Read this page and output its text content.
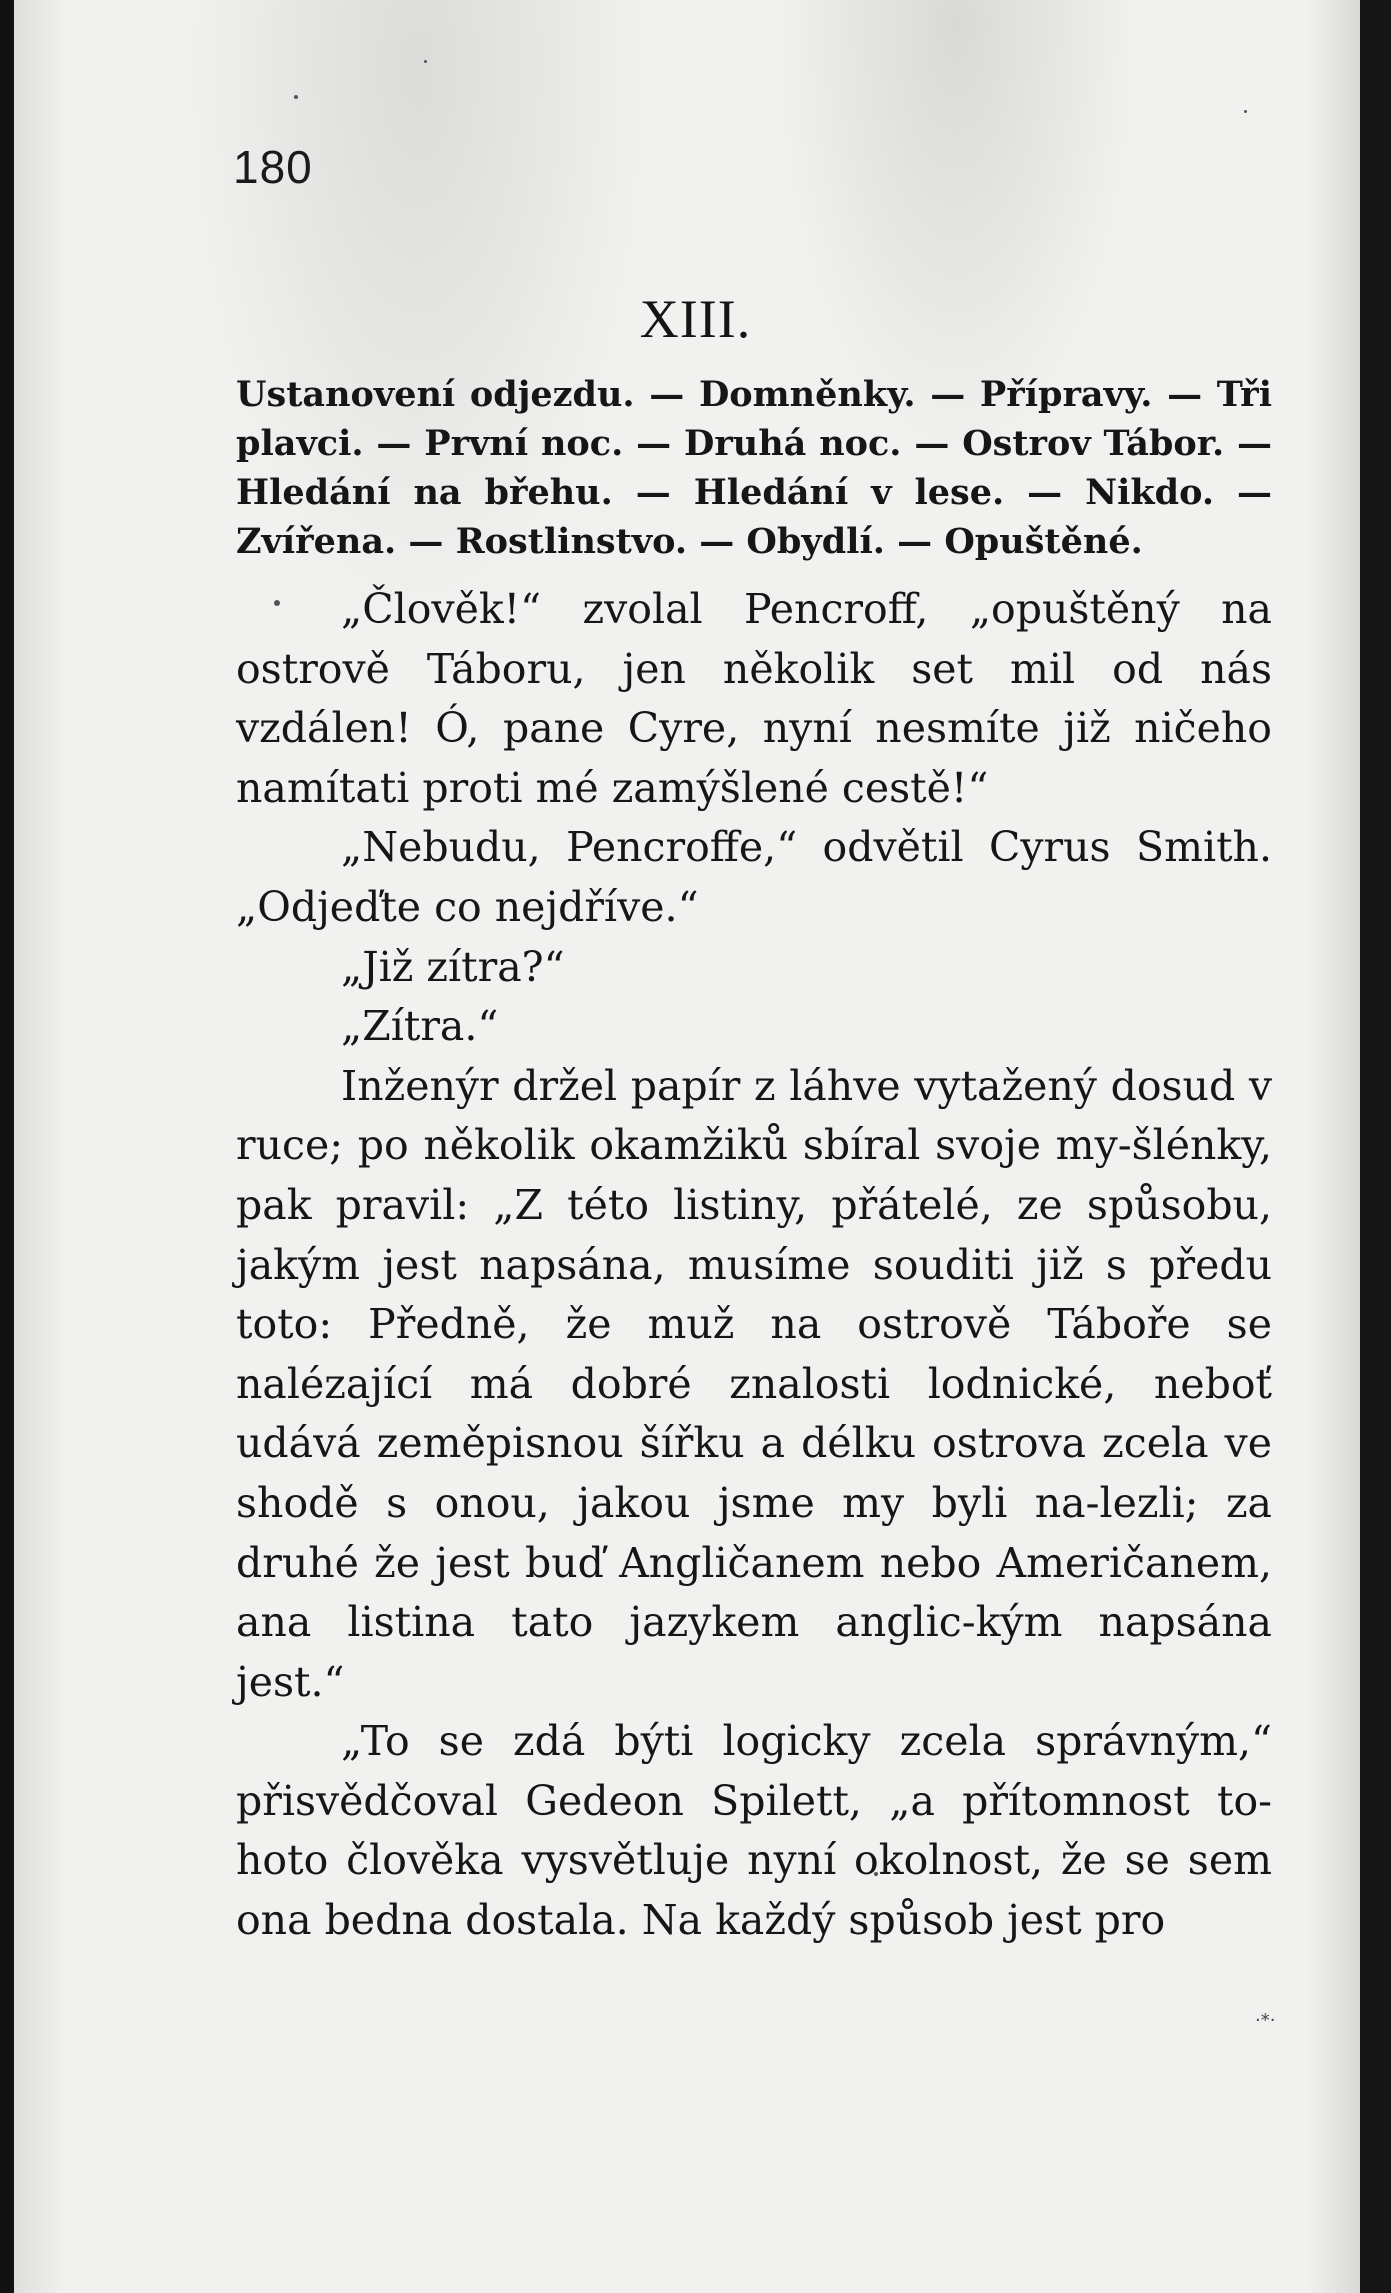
180
XIII.
Ustanovení odjezdu. — Domněnky. — Přípravy. — Tři plavci. — První noc. — Druhá noc. — Ostrov Tábor. — Hledání na břehu. — Hledání v lese. — Nikdo. — Zvířena. — Rostlinstvo. — Obydlí. — Opuštěné.

„Člověk!“ zvolal Pencroff, „opuštěný na ostrově Táboru, jen několik set mil od nás vzdálen! Ó, pane Cyre, nyní nesmíte již ničeho namítati proti mé zamýšlené cestě!“

„Nebudu, Pencroffe,“ odvětil Cyrus Smith. „Odjeďte co nejdříve.“

„Již zítra?“

„Zítra.“

Inženýr držel papír z láhve vytažený dosud v ruce; po několik okamžiků sbíral svoje my-šlénky, pak pravil: „Z této listiny, přátelé, ze spůsobu, jakým jest napsána, musíme souditi již s předu toto: Předně, že muž na ostrově Táboře se nalézající má dobré znalosti lodnické, neboť udává zeměpisnou šířku a délku ostrova zcela ve shodě s onou, jakou jsme my byli na-lezli; za druhé že jest buď Angličanem nebo Američanem, ana listina tato jazykem anglic-kým napsána jest.“

„To se zdá býti logicky zcela správným,“ přisvědčoval Gedeon Spilett, „a přítomnost to-hoto člověka vysvětluje nyní okolnost, že se sem ona bedna dostala. Na každý spůsob jest pro

·*·
